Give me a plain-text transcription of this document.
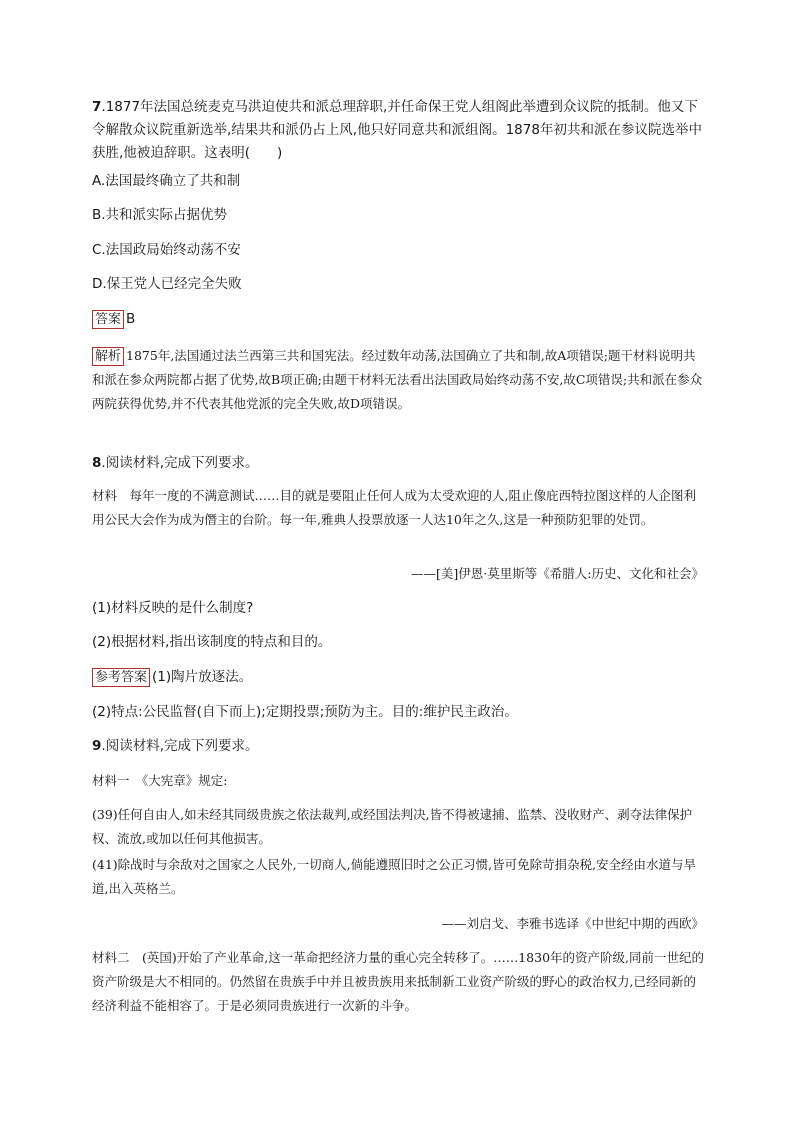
7.1877年法国总统麦克马洪迫使共和派总理辞职,并任命保王党人组阁此举遭到众议院的抵制。他又下令解散众议院重新选举,结果共和派仍占上风,他只好同意共和派组阁。1878年初共和派在参议院选举中获胜,他被迫辞职。这表明(　　)
A.法国最终确立了共和制
B.共和派实际占据优势
C.法国政局始终动荡不安
D.保王党人已经完全失败
答案 B
解析 1875年,法国通过法兰西第三共和国宪法。经过数年动荡,法国确立了共和制,故A项错误;题干材料说明共和派在参众两院都占据了优势,故B项正确;由题干材料无法看出法国政局始终动荡不安,故C项错误;共和派在参众两院获得优势,并不代表其他党派的完全失败,故D项错误。
8.阅读材料,完成下列要求。
材料　每年一度的不满意测试……目的就是要阻止任何人成为太受欢迎的人,阻止像庇西特拉图这样的人企图利用公民大会作为成为僭主的台阶。每一年,雅典人投票放逐一人达10年之久,这是一种预防犯罪的处罚。
——[美]伊恩·莫里斯等《希腊人:历史、文化和社会》
(1)材料反映的是什么制度?
(2)根据材料,指出该制度的特点和目的。
参考答案 (1)陶片放逐法。
(2)特点:公民监督(自下而上);定期投票;预防为主。目的:维护民主政治。
9.阅读材料,完成下列要求。
材料一　《大宪章》规定:
(39)任何自由人,如未经其同级贵族之依法裁判,或经国法判决,皆不得被逮捕、监禁、没收财产、剥夺法律保护权、流放,或加以任何其他损害。
(41)除战时与余敌对之国家之人民外,一切商人,倘能遵照旧时之公正习惯,皆可免除苛捐杂税,安全经由水道与旱道,出入英格兰。
——刘启戈、李雅书选译《中世纪中期的西欧》
材料二　(英国)开始了产业革命,这一革命把经济力量的重心完全转移了。……1830年的资产阶级,同前一世纪的资产阶级是大不相同的。仍然留在贵族手中并且被贵族用来抵制新工业资产阶级的野心的政治权力,已经同新的经济利益不能相容了。于是必须同贵族进行一次新的斗争。
